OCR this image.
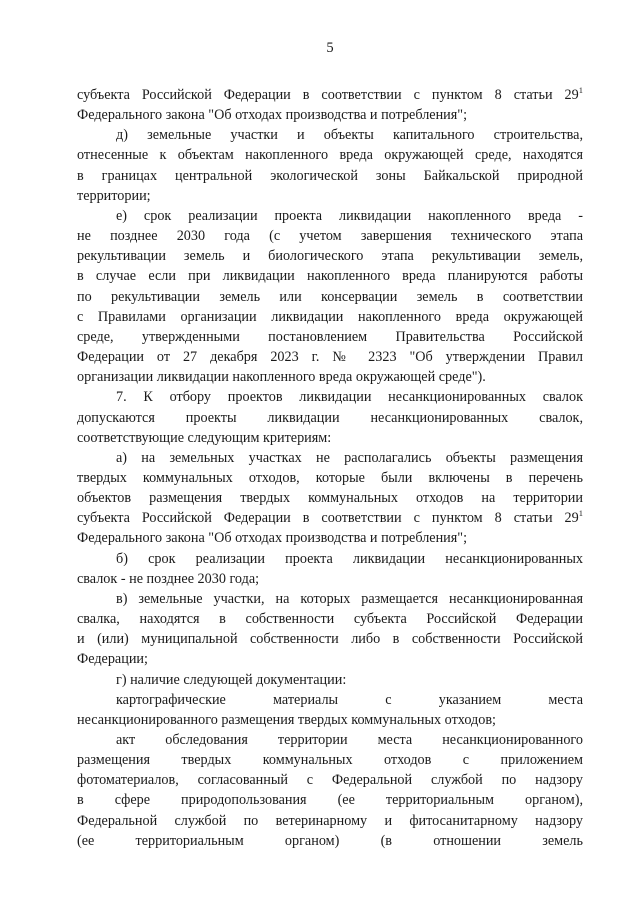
5
субъекта Российской Федерации в соответствии с пунктом 8 статьи $29^1$
Федерального закона "Об отходах производства и потребления";
д) земельные участки и объекты капитального строительства,
отнесенные к объектам накопленного вреда окружающей среде, находятся
в границах центральной экологической зоны Байкальской природной
территории;
е) срок реализации проекта ликвидации накопленного вреда -
не позднее 2030 года (с учетом завершения технического этапа
рекультивации земель и биологического этапа рекультивации земель,
в случае если при ликвидации накопленного вреда планируются работы
по рекультивации земель или консервации земель в соответствии
с Правилами организации ликвидации накопленного вреда окружающей
среде, утвержденными постановлением Правительства Российской
Федерации от 27 декабря 2023 г. № 2323 "Об утверждении Правил
организации ликвидации накопленного вреда окружающей среде").
7. К отбору проектов ликвидации несанкционированных свалок
допускаются проекты ликвидации несанкционированных свалок,
соответствующие следующим критериям:
а) на земельных участках не располагались объекты размещения
твердых коммунальных отходов, которые были включены в перечень
объектов размещения твердых коммунальных отходов на территории
субъекта Российской Федерации в соответствии с пунктом 8 статьи $29^1$
Федерального закона "Об отходах производства и потребления";
б) срок реализации проекта ликвидации несанкционированных
свалок - не позднее 2030 года;
в) земельные участки, на которых размещается несанкционированная
свалка, находятся в собственности субъекта Российской Федерации
и (или) муниципальной собственности либо в собственности Российской
Федерации;
г) наличие следующей документации:
картографические материалы с указанием места
несанкционированного размещения твердых коммунальных отходов;
акт обследования территории места несанкционированного
размещения твердых коммунальных отходов с приложением
фотоматериалов, согласованный с Федеральной службой по надзору
в сфере природопользования (ее территориальным органом),
Федеральной службой по ветеринарному и фитосанитарному надзору
(ее территориальным органом) (в отношении земель
